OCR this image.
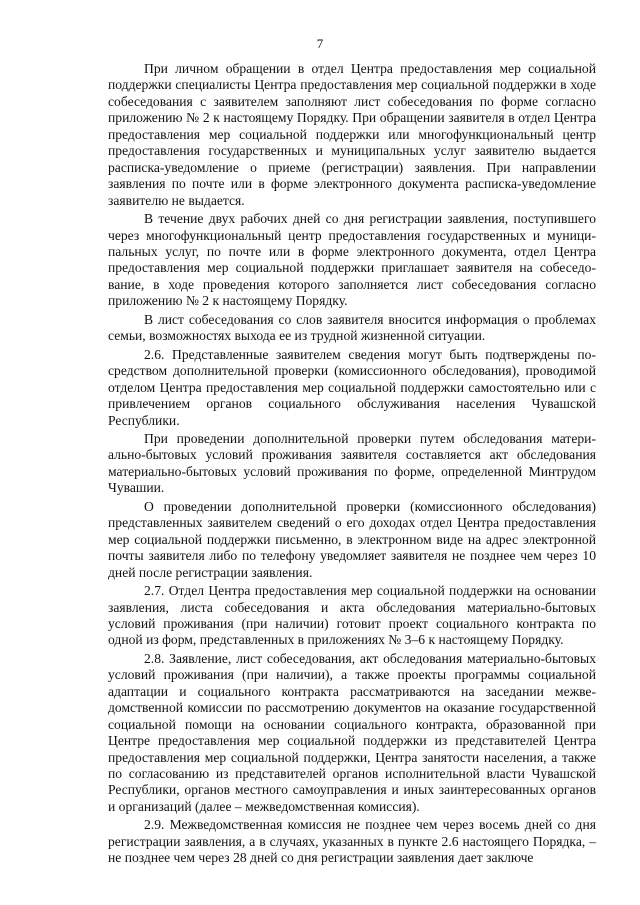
7

При личном обращении в отдел Центра предоставления мер социальной поддержки специалисты Центра предоставления мер социальной поддержки в ходе собеседования с заявителем заполняют лист собеседования по форме согласно приложению № 2 к настоящему Порядку. При обращении заявителя в отдел Центра предоставления мер социальной поддержки или многофункциональный центр предоставления государственных и муниципальных услуг заявителю выдается расписка-уведомление о приеме (регистрации) заявления. При направлении заявления по почте или в форме электронного документа расписка-уведомление заявителю не выдается.

В течение двух рабочих дней со дня регистрации заявления, поступившего через многофункциональный центр предоставления государственных и муниципальных услуг, по почте или в форме электронного документа, отдел Центра предоставления мер социальной поддержки приглашает заявителя на собеседование, в ходе проведения которого заполняется лист собеседования согласно приложению № 2 к настоящему Порядку.

В лист собеседования со слов заявителя вносится информация о проблемах семьи, возможностях выхода ее из трудной жизненной ситуации.

2.6. Представленные заявителем сведения могут быть подтверждены посредством дополнительной проверки (комиссионного обследования), проводимой отделом Центра предоставления мер социальной поддержки самостоятельно или с привлечением органов социального обслуживания населения Чувашской Республики.

При проведении дополнительной проверки путем обследования материально-бытовых условий проживания заявителя составляется акт обследования материально-бытовых условий проживания по форме, определенной Минтрудом Чувашии.

О проведении дополнительной проверки (комиссионного обследования) представленных заявителем сведений о его доходах отдел Центра предоставления мер социальной поддержки письменно, в электронном виде на адрес электронной почты заявителя либо по телефону уведомляет заявителя не позднее чем через 10 дней после регистрации заявления.

2.7. Отдел Центра предоставления мер социальной поддержки на основании заявления, листа собеседования и акта обследования материально-бытовых условий проживания (при наличии) готовит проект социального контракта по одной из форм, представленных в приложениях № 3–6 к настоящему Порядку.

2.8. Заявление, лист собеседования, акт обследования материально-бытовых условий проживания (при наличии), а также проекты программы социальной адаптации и социального контракта рассматриваются на заседании межведомственной комиссии по рассмотрению документов на оказание государственной социальной помощи на основании социального контракта, образованной при Центре предоставления мер социальной поддержки из представителей Центра предоставления мер социальной поддержки, Центра занятости населения, а также по согласованию из представителей органов исполнительной власти Чувашской Республики, органов местного самоуправления и иных заинтересованных органов и организаций (далее – межведомственная комиссия).

2.9. Межведомственная комиссия не позднее чем через восемь дней со дня регистрации заявления, а в случаях, указанных в пункте 2.6 настоящего Порядка, – не позднее чем через 28 дней со дня регистрации заявления дает заключе
